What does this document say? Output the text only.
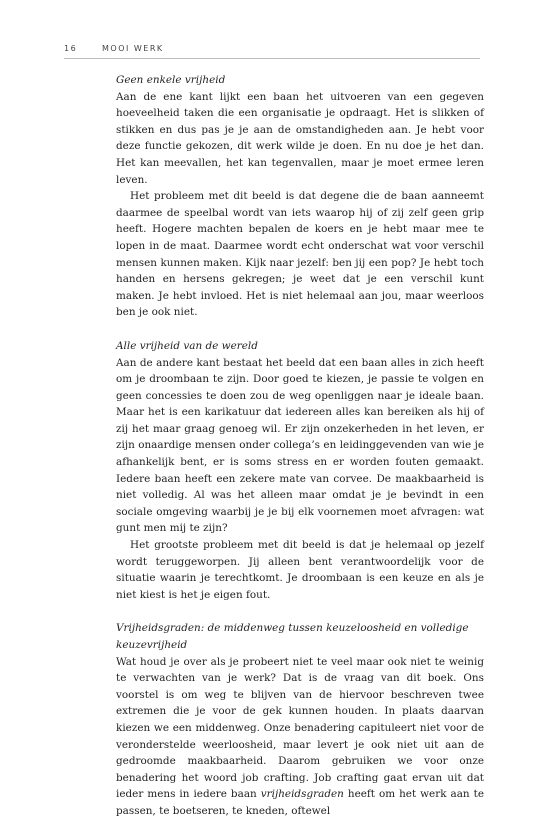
16	MOOI WERK

Geen enkele vrijheid

Aan de ene kant lijkt een baan het uitvoeren van een gegeven hoeveelheid taken die een organisatie je opdraagt. Het is slikken of stikken en dus pas je je aan de omstandigheden aan. Je hebt voor deze functie gekozen, dit werk wilde je doen. En nu doe je het dan. Het kan meevallen, het kan tegenvallen, maar je moet ermee leren leven.

Het probleem met dit beeld is dat degene die de baan aanneemt daarmee de speelbal wordt van iets waarop hij of zij zelf geen grip heeft. Hogere machten bepalen de koers en je hebt maar mee te lopen in de maat. Daarmee wordt echt onderschat wat voor verschil mensen kunnen maken. Kijk naar jezelf: ben jij een pop? Je hebt toch handen en hersens gekregen; je weet dat je een verschil kunt maken. Je hebt invloed. Het is niet helemaal aan jou, maar weerloos ben je ook niet.

Alle vrijheid van de wereld

Aan de andere kant bestaat het beeld dat een baan alles in zich heeft om je droombaan te zijn. Door goed te kiezen, je passie te volgen en geen concessies te doen zou de weg openliggen naar je ideale baan. Maar het is een karikatuur dat iedereen alles kan bereiken als hij of zij het maar graag genoeg wil. Er zijn onzekerheden in het leven, er zijn onaardige mensen onder collega’s en leidinggevenden van wie je afhankelijk bent, er is soms stress en er worden fouten gemaakt. Iedere baan heeft een zekere mate van corvee. De maakbaarheid is niet volledig. Al was het alleen maar omdat je je bevindt in een sociale omgeving waarbij je je bij elk voornemen moet afvragen: wat gunt men mij te zijn?

Het grootste probleem met dit beeld is dat je helemaal op jezelf wordt teruggeworpen. Jij alleen bent verantwoordelijk voor de situatie waarin je terechtkomt. Je droombaan is een keuze en als je niet kiest is het je eigen fout.

Vrijheidsgraden: de middenweg tussen keuzeloosheid en volledige keuzevrijheid

Wat houd je over als je probeert niet te veel maar ook niet te weinig te verwachten van je werk? Dat is de vraag van dit boek. Ons voorstel is om weg te blijven van de hiervoor beschreven twee extremen die je voor de gek kunnen houden. In plaats daarvan kiezen we een middenweg. Onze benadering capituleert niet voor de veronderstelde weerloosheid, maar levert je ook niet uit aan de gedroomde maakbaarheid. Daarom gebruiken we voor onze benadering het woord job crafting. Job crafting gaat ervan uit dat ieder mens in iedere baan vrijheidsgraden heeft om het werk aan te passen, te boetseren, te kneden, oftewel
